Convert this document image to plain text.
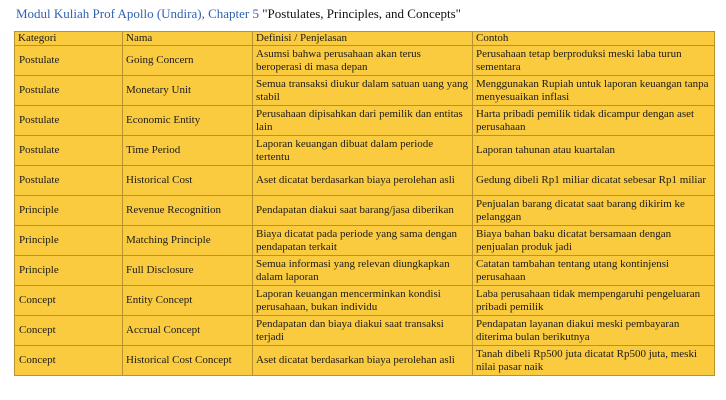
Modul Kuliah Prof Apollo (Undira), Chapter 5 "Postulates, Principles, and Concepts"
Kategori	Nama	Definisi / Penjelasan	Contoh
Postulate	Going Concern	Asumsi bahwa perusahaan akan terus beroperasi di masa depan	Perusahaan tetap berproduksi meski laba turun sementara
Postulate	Monetary Unit	Semua transaksi diukur dalam satuan uang yang stabil	Menggunakan Rupiah untuk laporan keuangan tanpa menyesuaikan inflasi
Postulate	Economic Entity	Perusahaan dipisahkan dari pemilik dan entitas lain	Harta pribadi pemilik tidak dicampur dengan aset perusahaan
Postulate	Time Period	Laporan keuangan dibuat dalam periode tertentu	Laporan tahunan atau kuartalan
Postulate	Historical Cost	Aset dicatat berdasarkan biaya perolehan asli	Gedung dibeli Rp1 miliar dicatat sebesar Rp1 miliar
Principle	Revenue Recognition	Pendapatan diakui saat barang/jasa diberikan	Penjualan barang dicatat saat barang dikirim ke pelanggan
Principle	Matching Principle	Biaya dicatat pada periode yang sama dengan pendapatan terkait	Biaya bahan baku dicatat bersamaan dengan penjualan produk jadi
Principle	Full Disclosure	Semua informasi yang relevan diungkapkan dalam laporan	Catatan tambahan tentang utang kontinjensi perusahaan
Concept	Entity Concept	Laporan keuangan mencerminkan kondisi perusahaan, bukan individu	Laba perusahaan tidak mempengaruhi pengeluaran pribadi pemilik
Concept	Accrual Concept	Pendapatan dan biaya diakui saat transaksi terjadi	Pendapatan layanan diakui meski pembayaran diterima bulan berikutnya
Concept	Historical Cost Concept	Aset dicatat berdasarkan biaya perolehan asli	Tanah dibeli Rp500 juta dicatat Rp500 juta, meski nilai pasar naik
